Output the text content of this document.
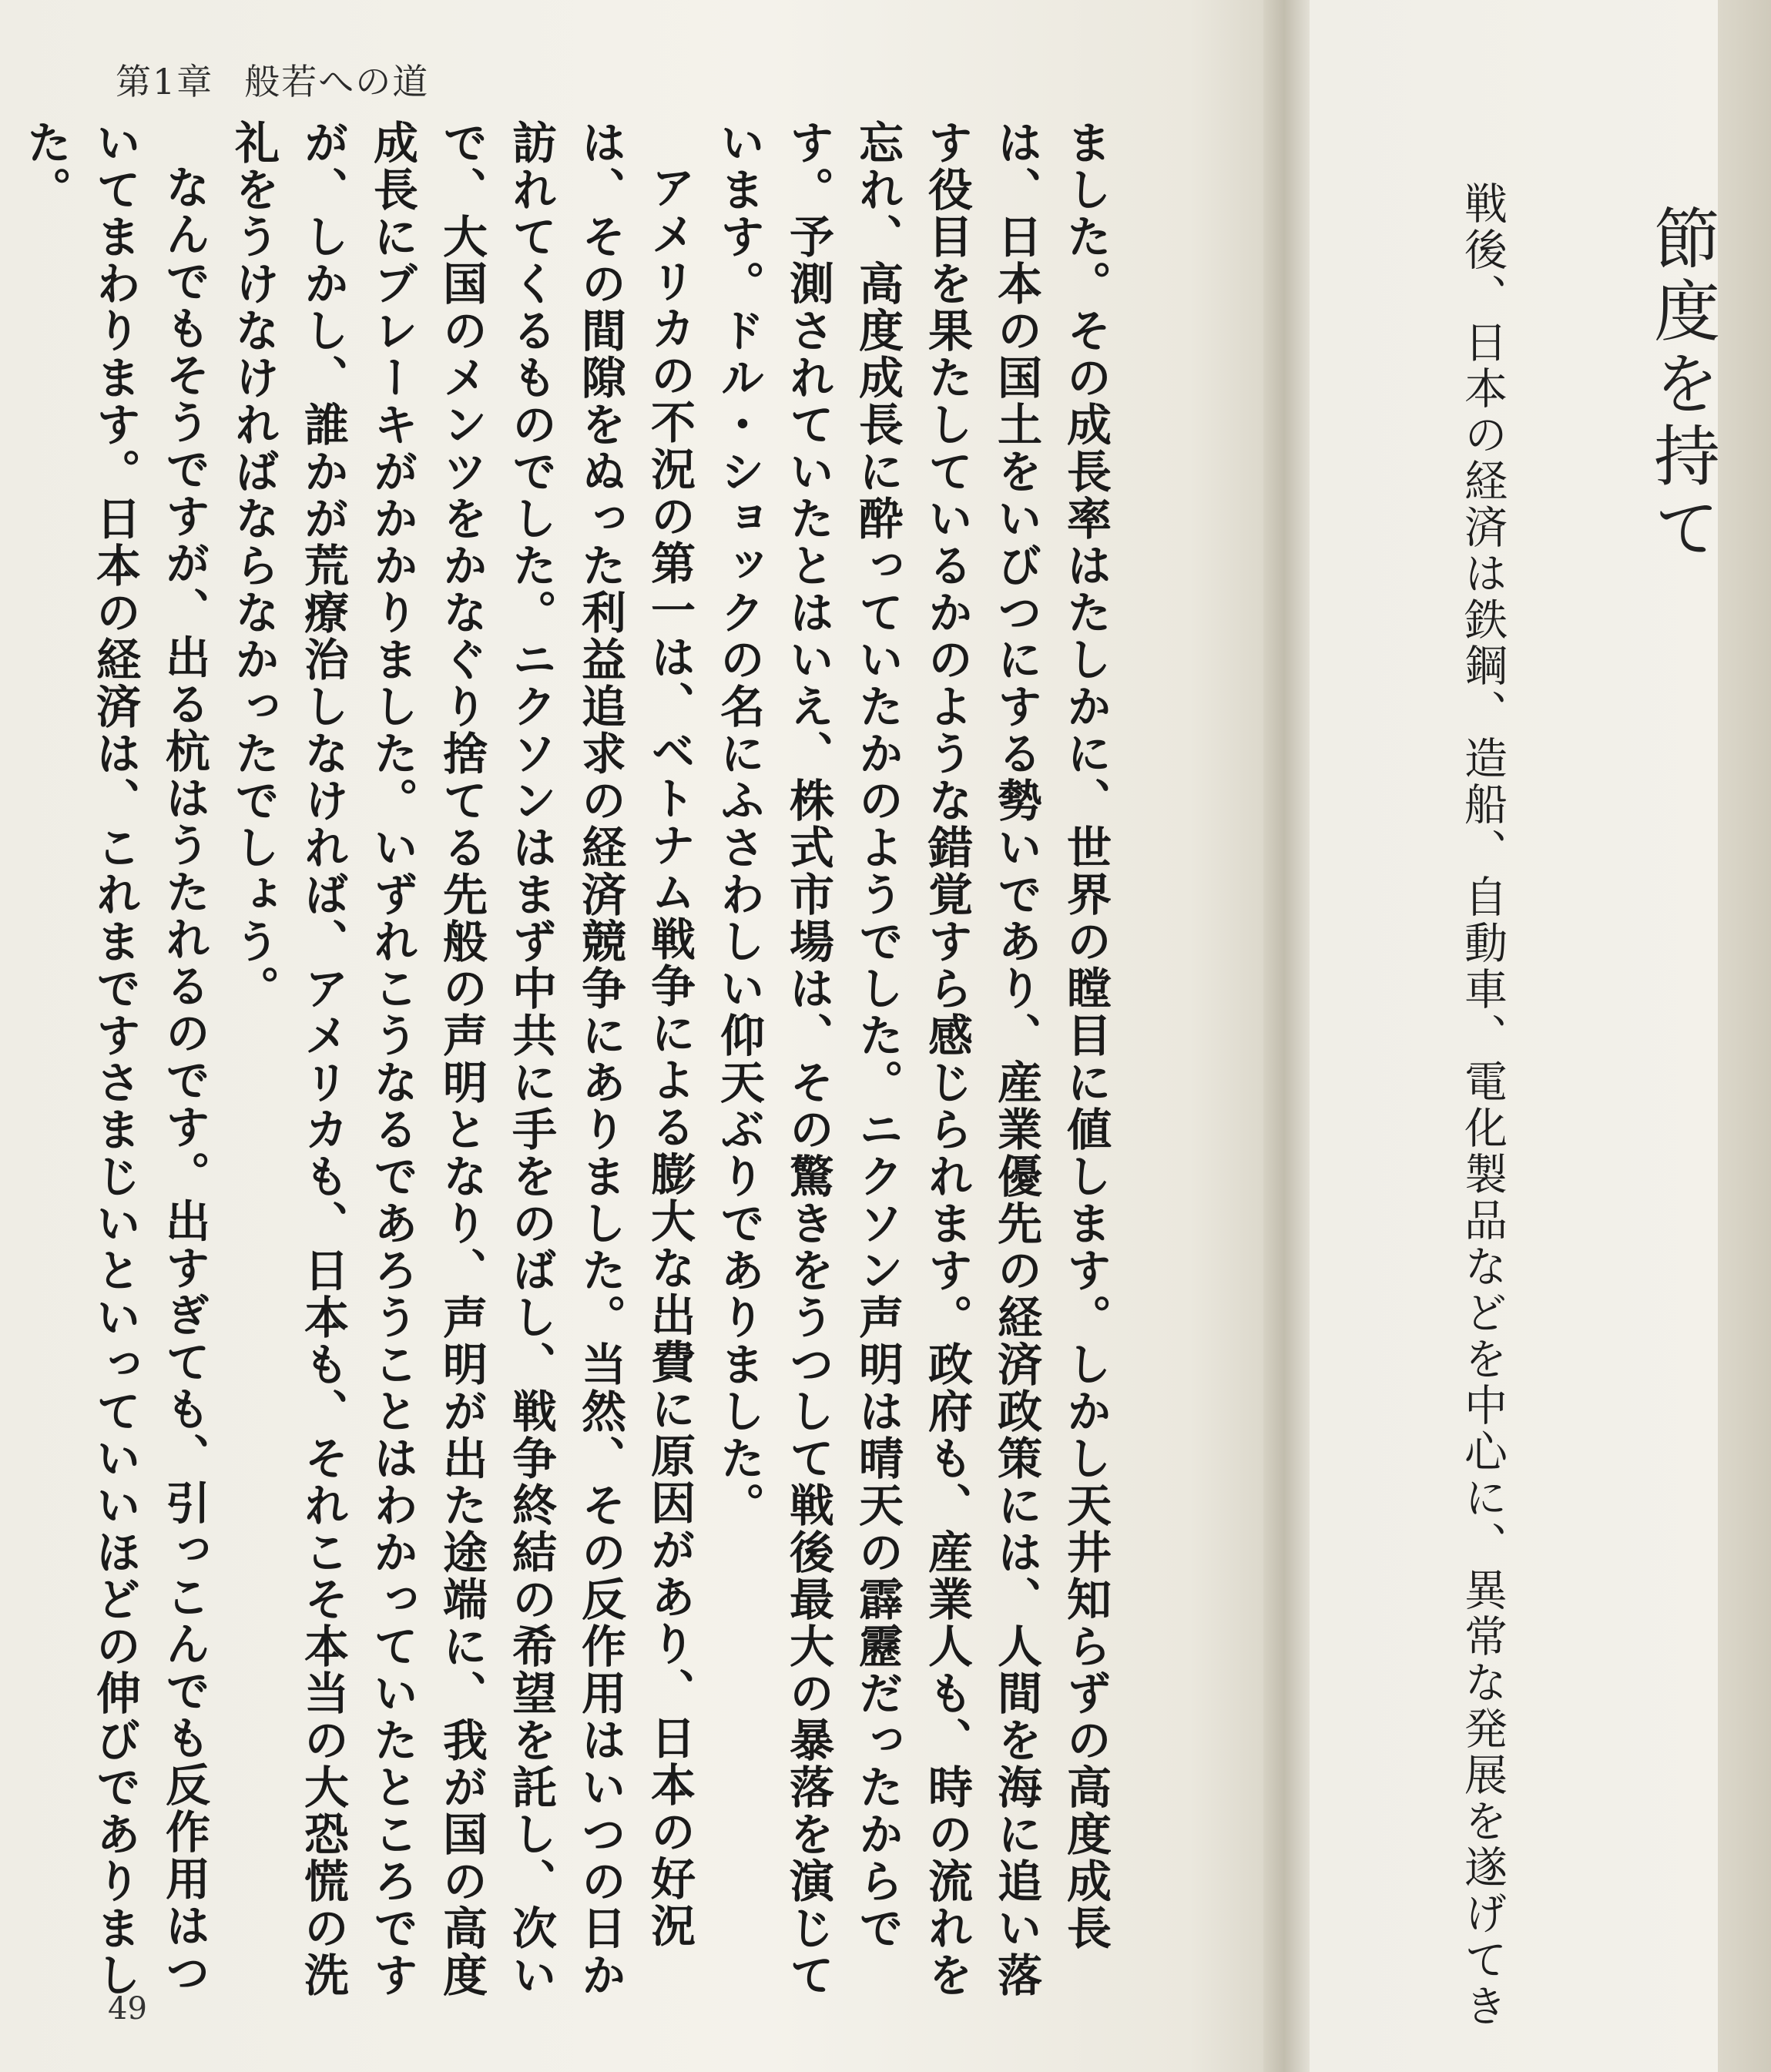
第1章 般若への道

ました。その成長率はたしかに、世界の瞠目に値します。しかし天井知らずの高度成長は、日本の国土をいびつにする勢いであり、産業優先の経済政策には、人間を海に追い落す役目を果たしているかのような錯覚すら感じられます。政府も、産業人も、時の流れを忘れ、高度成長に酔っていたかのようでした。ニクソン声明は晴天の霹靂だったからです。予測されていたとはいえ、株式市場は、その驚きをうつして戦後最大の暴落を演じています。ドル・ショックの名にふさわしい仰天ぶりでありました。

アメリカの不況の第一は、ベトナム戦争による膨大な出費に原因があり、日本の好況は、その間隙をぬった利益追求の経済競争にありました。当然、その反作用はいつの日か訪れてくるものでした。ニクソンはまず中共に手をのばし、戦争終結の希望を託し、次いで、大国のメンツをかなぐり捨てる先般の声明となり、声明が出た途端に、我が国の高度成長にブレーキがかかりました。いずれこうなるであろうことはわかっていたところですが、しかし、誰かが荒療治しなければ、アメリカも、日本も、それこそ本当の大恐慌の洗礼をうけなければならなかったでしょう。

なんでもそうですが、出る杭はうたれるのです。出すぎても、引っこんでも反作用はついてまわります。日本の経済は、これまですさまじいといっていいほどの伸びでありました。

節度を持て
戦後、日本の経済は鉄鋼、造船、自動車、電化製品などを中心に、異常な発展を遂げてき
49
